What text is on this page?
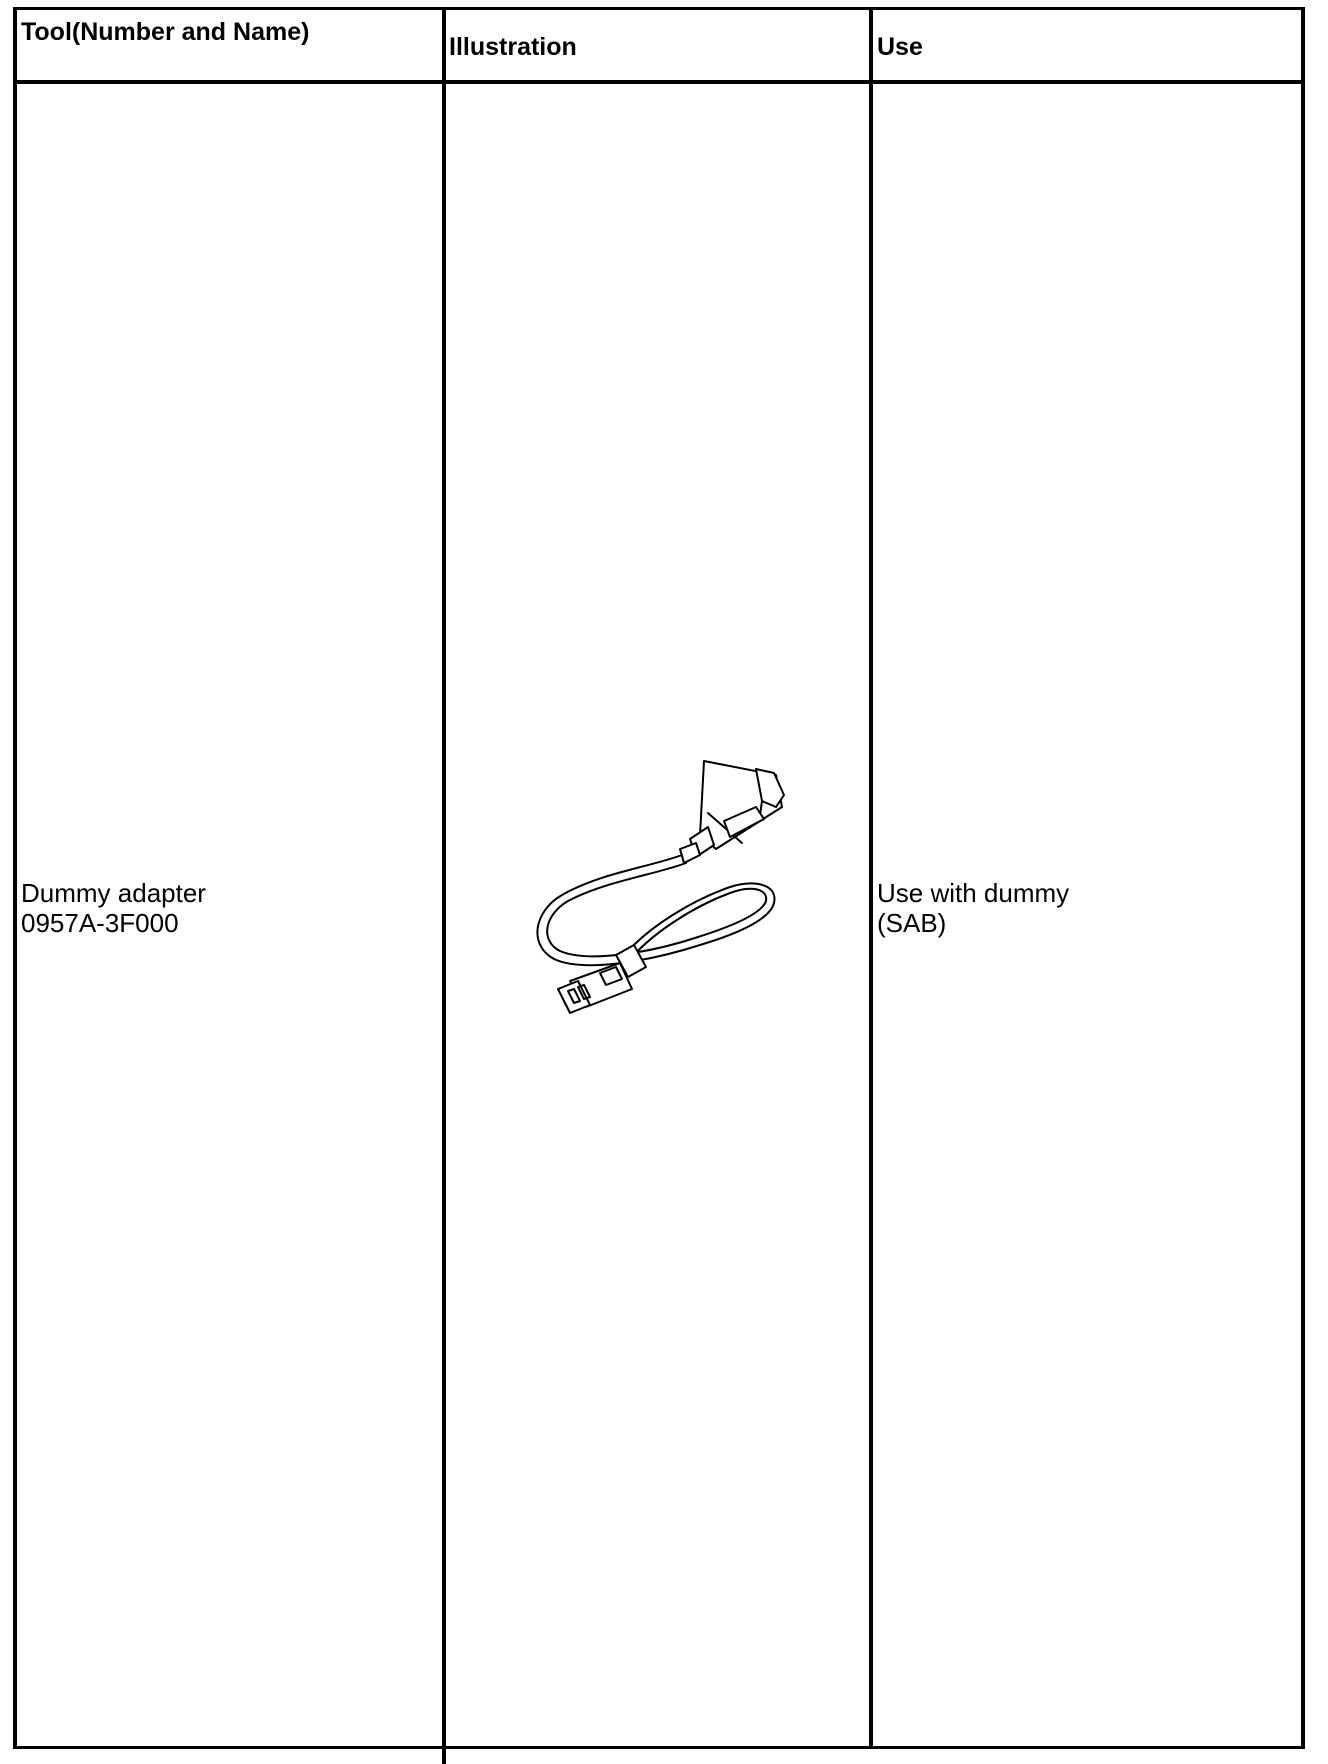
Tool(Number and Name)
Illustration	Use
Dummy adapter
0957A-3F000
Use with dummy
(SAB)
